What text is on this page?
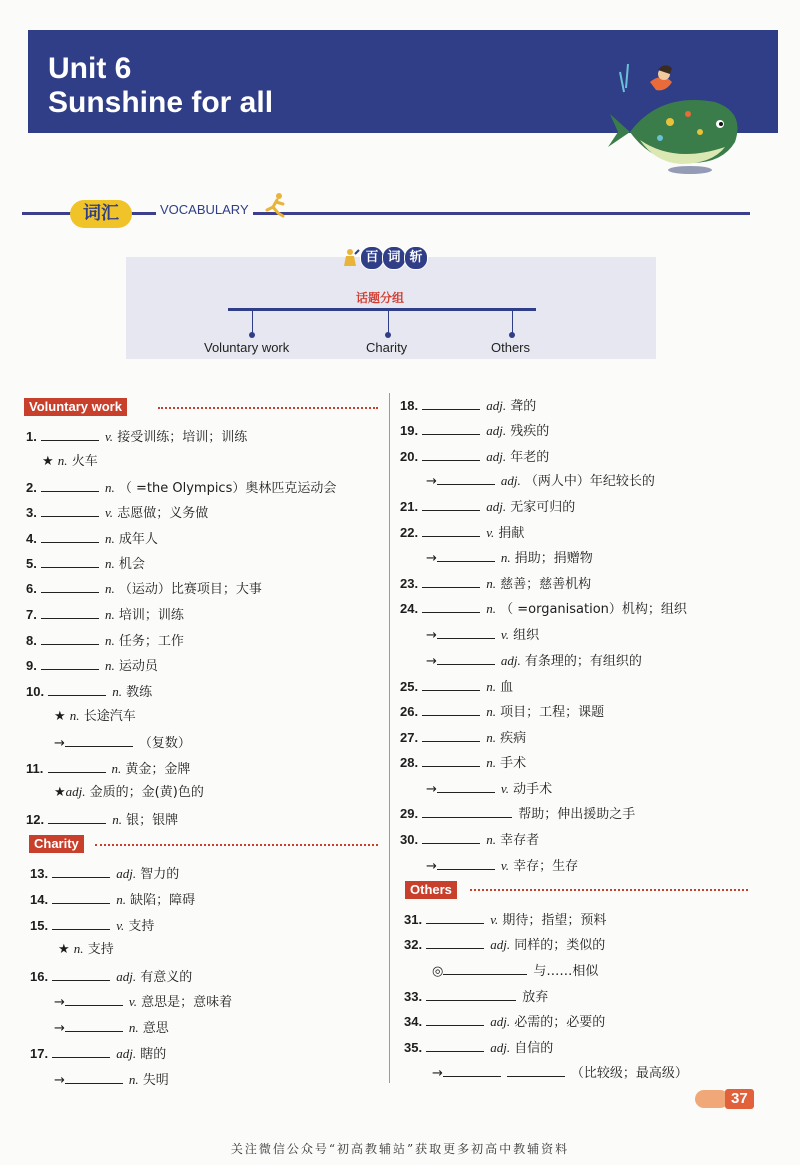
Unit 6
Sunshine for all
词汇	VOCABULARY
百 词 斩
话题分组
Voluntary work	Charity	Others
Voluntary work
Charity
Others
1.	v. 接受训练；培训；训练
★ n. 火车
2.	n. （ =the Olympics）奥林匹克运动会
3.	v. 志愿做；义务做
4.	n. 成年人
5.	n. 机会
6.	n. （运动）比赛项目；大事
7.	n. 培训；训练
8.	n. 任务；工作
9.	n. 运动员
10.	n. 教练
★ n. 长途汽车
→	（复数）
11.	n. 黄金；金牌
★adj. 金质的；金(黄)色的
12.	n. 银；银牌
13.	adj. 智力的
14.	n. 缺陷；障碍
15.	v. 支持
★ n. 支持
16.	adj. 有意义的
→	v. 意思是；意味着
→	n. 意思
17.	adj. 瞎的
→	n. 失明
18.	adj. 聋的
19.	adj. 残疾的
20.	adj. 年老的
→	adj. （两人中）年纪较长的
21.	adj. 无家可归的
22.	v. 捐献
→	n. 捐助；捐赠物
23.	n. 慈善；慈善机构
24.	n. （ =organisation）机构；组织
→	v. 组织
→	adj. 有条理的；有组织的
25.	n. 血
26.	n. 项目；工程；课题
27.	n. 疾病
28.	n. 手术
→	v. 动手术
29.	帮助；伸出援助之手
30.	n. 幸存者
→	v. 幸存；生存
31.	v. 期待；指望；预料
32.	adj. 同样的；类似的
◎	与……相似
33.	放弃
34.	adj. 必需的；必要的
35.	adj. 自信的
→	（比较级；最高级）
37
关注微信公众号“初高教辅站”获取更多初高中教辅资料
